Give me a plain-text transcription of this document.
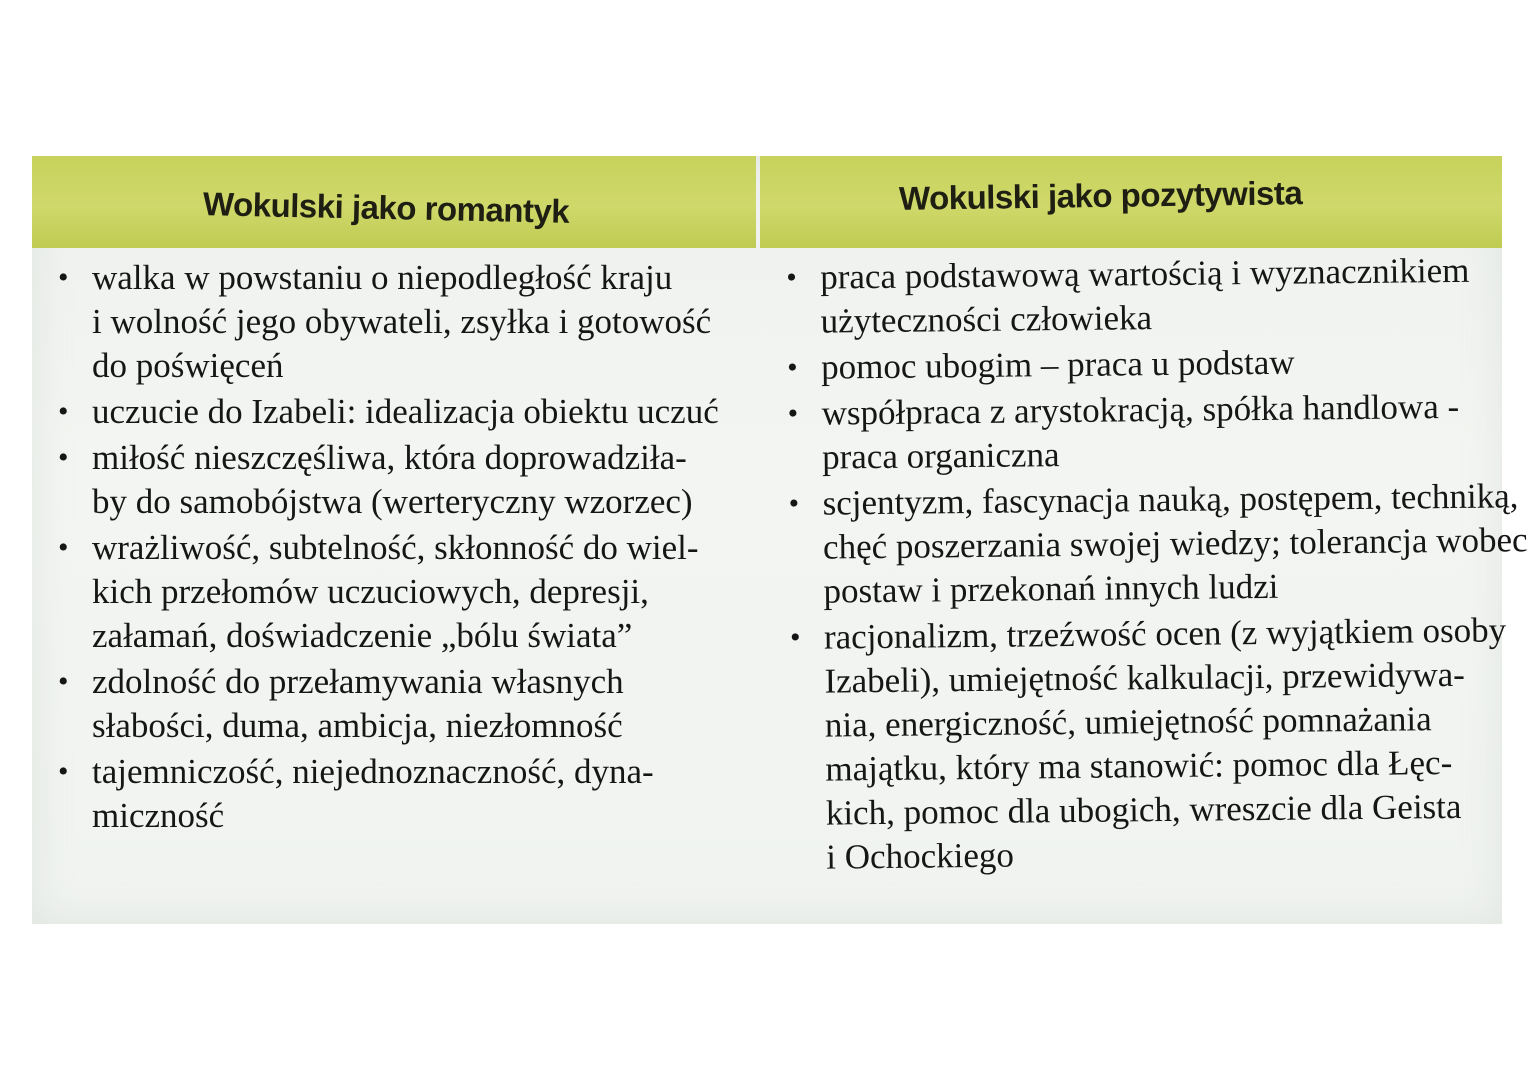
Wokulski jako romantyk	Wokulski jako pozytywista
• walka w powstaniu o niepodległość kraju
i wolność jego obywateli, zsyłka i gotowość
do poświęceń
• uczucie do Izabeli: idealizacja obiektu uczuć
• miłość nieszczęśliwa, która doprowadziła-
by do samobójstwa (werteryczny wzorzec)
• wrażliwość, subtelność, skłonność do wiel-
kich przełomów uczuciowych, depresji,
załamań, doświadczenie „bólu świata”
• zdolność do przełamywania własnych
słabości, duma, ambicja, niezłomność
• tajemniczość, niejednoznaczność, dyna-
miczność
• praca podstawową wartością i wyznacznikiem
użyteczności człowieka
• pomoc ubogim – praca u podstaw
• współpraca z arystokracją, spółka handlowa -
praca organiczna
• scjentyzm, fascynacja nauką, postępem, techniką,
chęć poszerzania swojej wiedzy; tolerancja wobec
postaw i przekonań innych ludzi
• racjonalizm, trzeźwość ocen (z wyjątkiem osoby
Izabeli), umiejętność kalkulacji, przewidywa-
nia, energiczność, umiejętność pomnażania
majątku, który ma stanowić: pomoc dla Łęc-
kich, pomoc dla ubogich, wreszcie dla Geista
i Ochockiego
